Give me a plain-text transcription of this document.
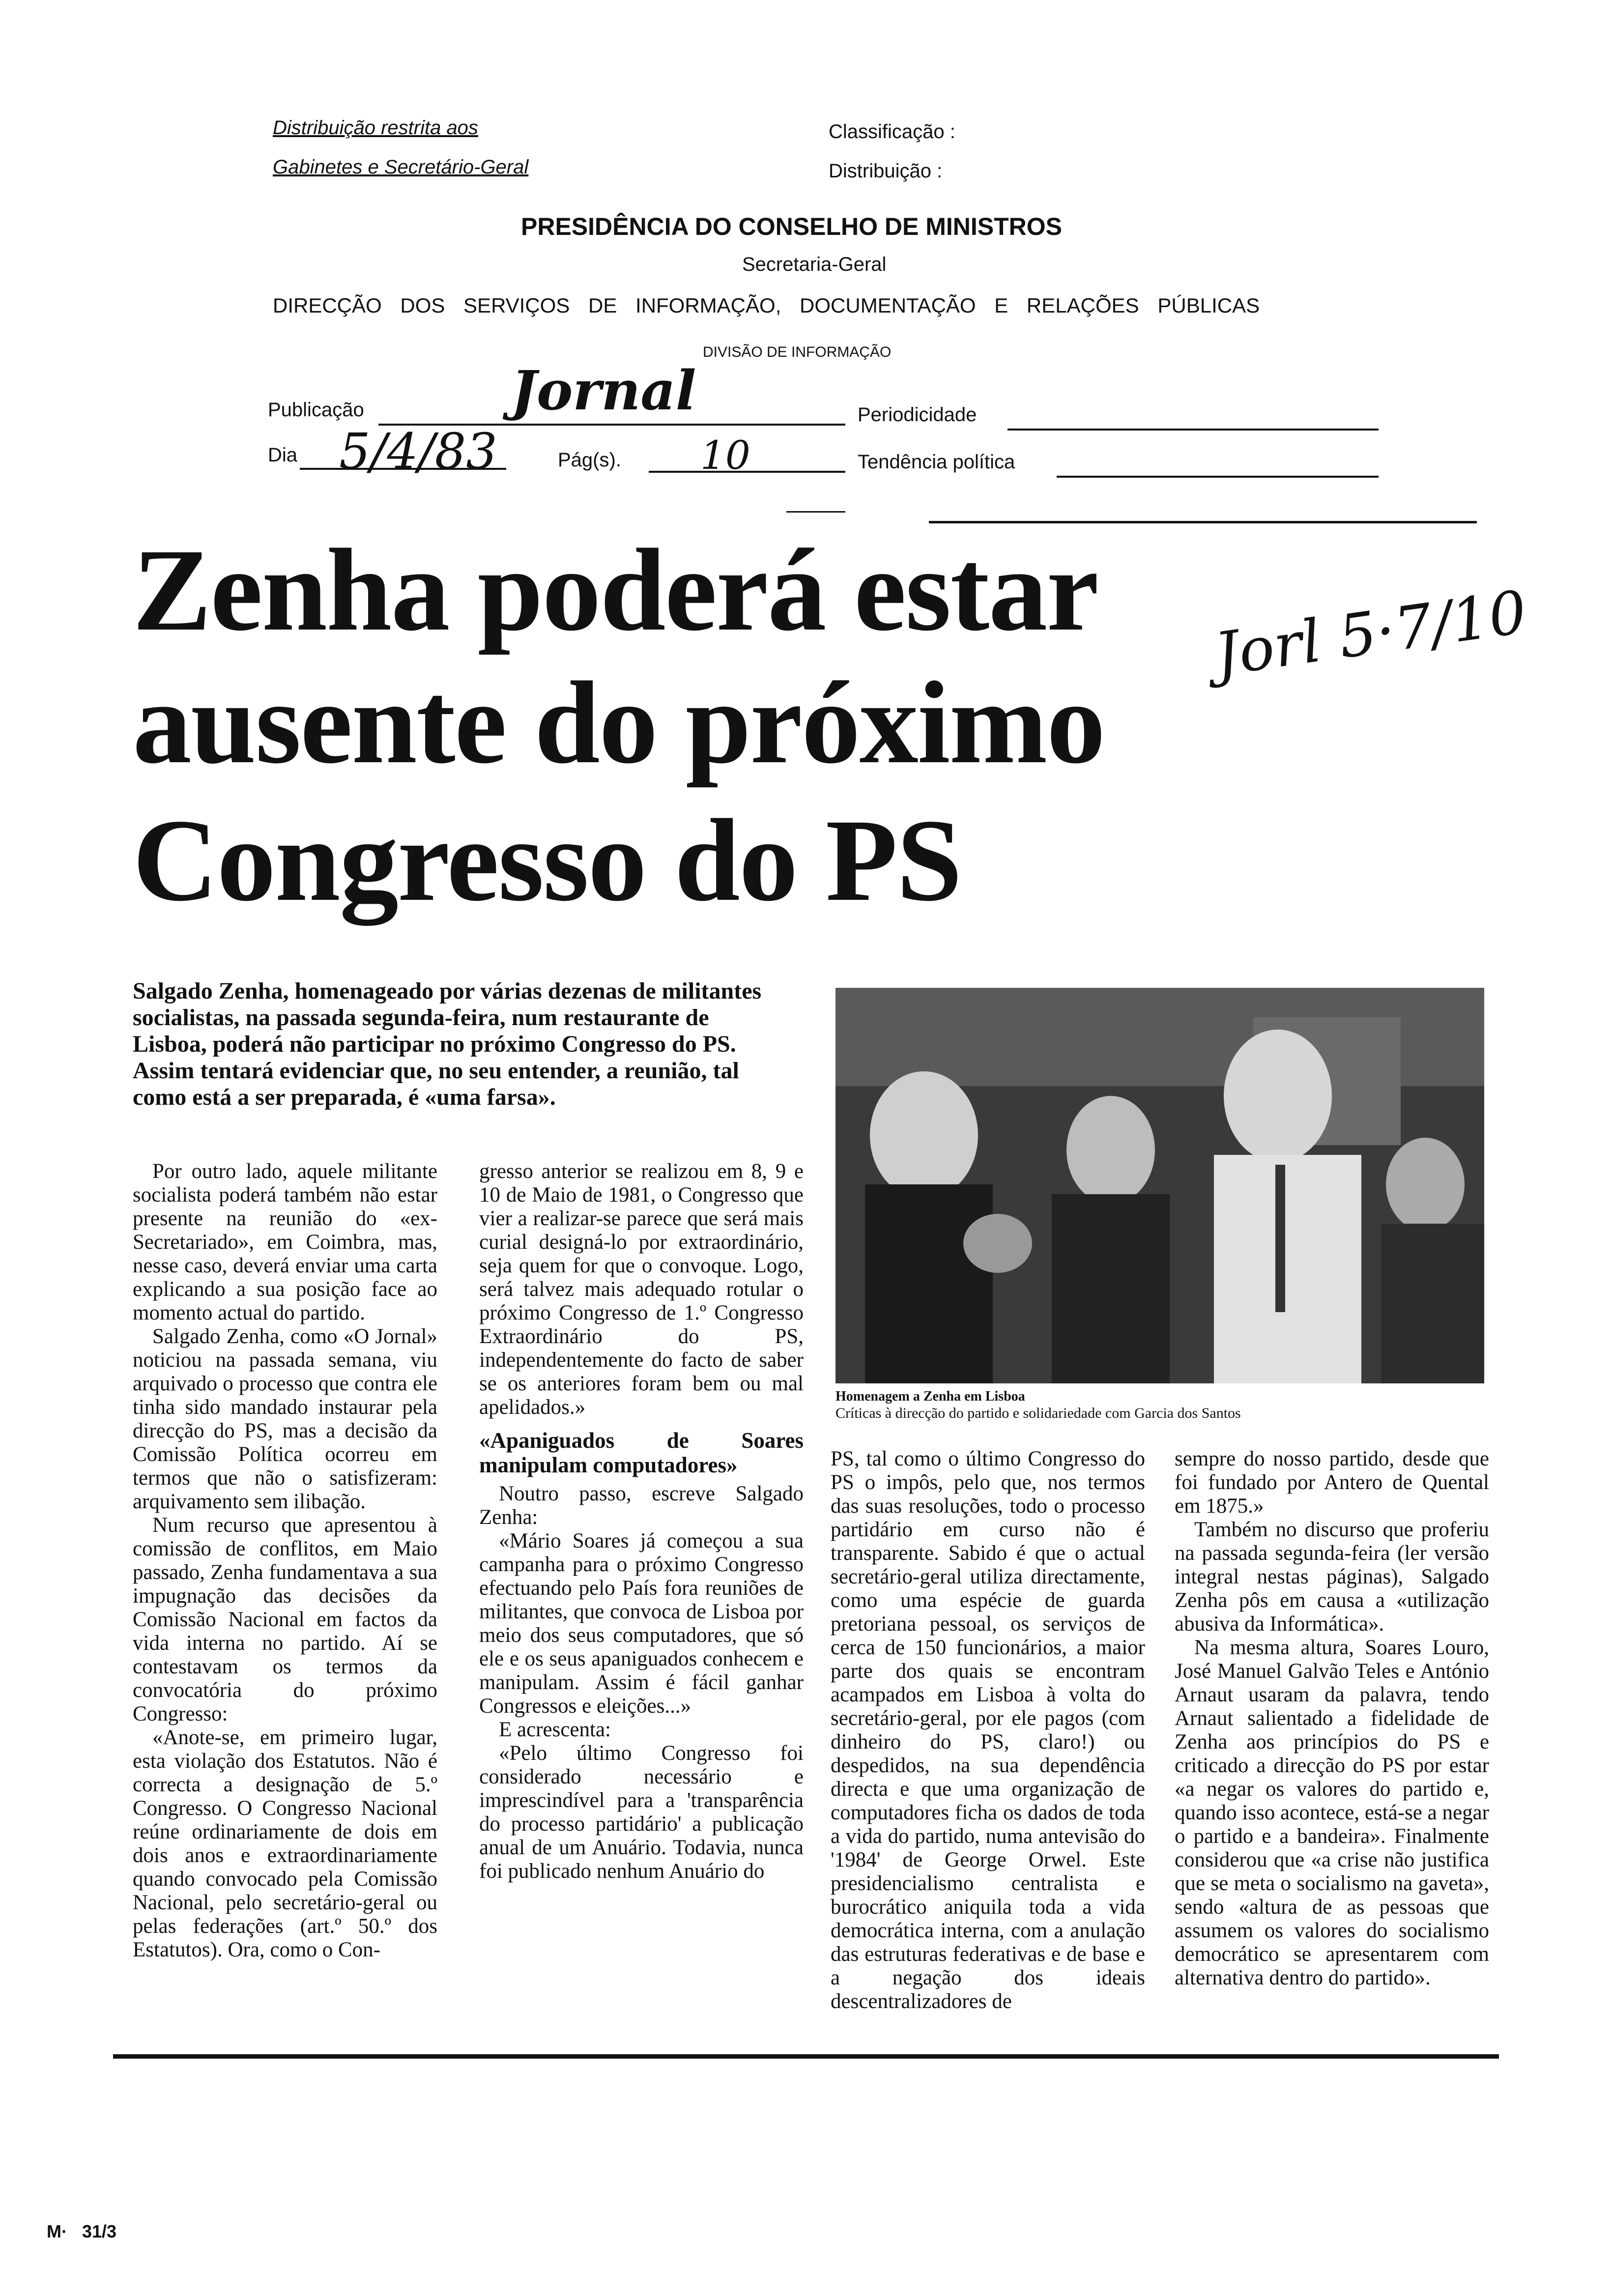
Distribuição restrita aos
Gabinetes e Secretário-Geral
Classificação :
Distribuição :
PRESIDÊNCIA DO CONSELHO DE MINISTROS
Secretaria-Geral
DIRECÇÃO DOS SERVIÇOS DE INFORMAÇÃO, DOCUMENTAÇÃO E RELAÇÕES PÚBLICAS
DIVISÃO DE INFORMAÇÃO
Publicação	Jornal	Periodicidade
Dia 5/4/83	Pág(s). 10	Tendência política
Zenha poderá estar
ausente do próximo
Congresso do PS
Jorl 5·7/10
Salgado Zenha, homenageado por várias dezenas de militantes socialistas, na passada segunda-feira, num restaurante de Lisboa, poderá não participar no próximo Congresso do PS. Assim tentará evidenciar que, no seu entender, a reunião, tal como está a ser preparada, é «uma farsa».
Homenagem a Zenha em Lisboa
Críticas à direcção do partido e solidariedade com Garcia dos Santos

Por outro lado, aquele militante socialista poderá também não estar presente na reunião do «ex-Secretariado», em Coimbra, mas, nesse caso, deverá enviar uma carta explicando a sua posição face ao momento actual do partido.

Salgado Zenha, como «O Jornal» noticiou na passada semana, viu arquivado o processo que contra ele tinha sido mandado instaurar pela direcção do PS, mas a decisão da Comissão Política ocorreu em termos que não o satisfizeram: arquivamento sem ilibação.

Num recurso que apresentou à comissão de conflitos, em Maio passado, Zenha fundamentava a sua impugnação das decisões da Comissão Nacional em factos da vida interna no partido. Aí se contestavam os termos da convocatória do próximo Congresso:

«Anote-se, em primeiro lugar, esta violação dos Estatutos. Não é correcta a designação de 5.º Congresso. O Congresso Nacional reúne ordinariamente de dois em dois anos e extraordinariamente quando convocado pela Comissão Nacional, pelo secretário-geral ou pelas federações (art.º 50.º dos Estatutos). Ora, como o Con-

gresso anterior se realizou em 8, 9 e 10 de Maio de 1981, o Congresso que vier a realizar-se parece que será mais curial designá-lo por extraordinário, seja quem for que o convoque. Logo, será talvez mais adequado rotular o próximo Congresso de 1.º Congresso Extraordinário do PS, independentemente do facto de saber se os anteriores foram bem ou mal apelidados.»

«Apaniguados de Soares manipulam computadores»

Noutro passo, escreve Salgado Zenha:

«Mário Soares já começou a sua campanha para o próximo Congresso efectuando pelo País fora reuniões de militantes, que convoca de Lisboa por meio dos seus computadores, que só ele e os seus apaniguados conhecem e manipulam. Assim é fácil ganhar Congressos e eleições...»

E acrescenta:

«Pelo último Congresso foi considerado necessário e imprescindível para a 'transparência do processo partidário' a publicação anual de um Anuário. Todavia, nunca foi publicado nenhum Anuário do

PS, tal como o último Congresso do PS o impôs, pelo que, nos termos das suas resoluções, todo o processo partidário em curso não é transparente. Sabido é que o actual secretário-geral utiliza directamente, como uma espécie de guarda pretoriana pessoal, os serviços de cerca de 150 funcionários, a maior parte dos quais se encontram acampados em Lisboa à volta do secretário-geral, por ele pagos (com dinheiro do PS, claro!) ou despedidos, na sua dependência directa e que uma organização de computadores ficha os dados de toda a vida do partido, numa antevisão do '1984' de George Orwel. Este presidencialismo centralista e burocrático aniquila toda a vida democrática interna, com a anulação das estruturas federativas e de base e a negação dos ideais descentralizadores de

sempre do nosso partido, desde que foi fundado por Antero de Quental em 1875.»

Também no discurso que proferiu na passada segunda-feira (ler versão integral nestas páginas), Salgado Zenha pôs em causa a «utilização abusiva da Informática».

Na mesma altura, Soares Louro, José Manuel Galvão Teles e António Arnaut usaram da palavra, tendo Arnaut salientado a fidelidade de Zenha aos princípios do PS e criticado a direcção do PS por estar «a negar os valores do partido e, quando isso acontece, está-se a negar o partido e a bandeira». Finalmente considerou que «a crise não justifica que se meta o socialismo na gaveta», sendo «altura de as pessoas que assumem os valores do socialismo democrático se apresentarem com alternativa dentro do partido».

M·   31/3
